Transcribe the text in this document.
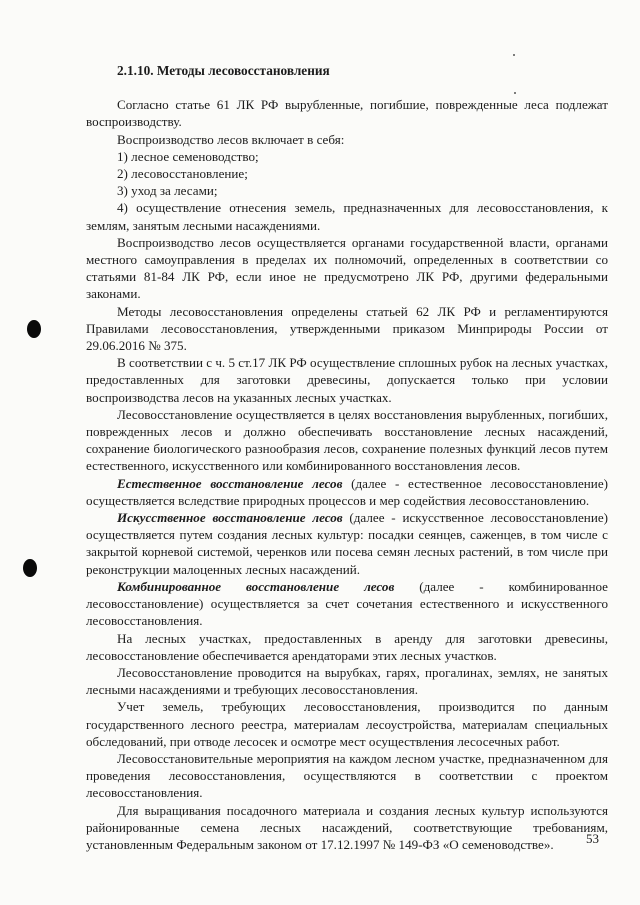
2.1.10. Методы лесовосстановления

Согласно статье 61 ЛК РФ вырубленные, погибшие, поврежденные леса подлежат воспроизводству.

Воспроизводство лесов включает в себя:

1) лесное семеноводство;

2) лесовосстановление;

3) уход за лесами;

4) осуществление отнесения земель, предназначенных для лесовосстановления, к землям, занятым лесными насаждениями.

Воспроизводство лесов осуществляется органами государственной власти, органами местного самоуправления в пределах их полномочий, определенных в соответствии со статьями 81-84 ЛК РФ, если иное не предусмотрено ЛК РФ, другими федеральными законами.

Методы лесовосстановления определены статьей 62 ЛК РФ и регламентируются Правилами лесовосстановления, утвержденными приказом Минприроды России от 29.06.2016 № 375.

В соответствии с ч. 5 ст.17 ЛК РФ осуществление сплошных рубок на лесных участках, предоставленных для заготовки древесины, допускается только при условии воспроизводства лесов на указанных лесных участках.

Лесовосстановление осуществляется в целях восстановления вырубленных, погибших, поврежденных лесов и должно обеспечивать восстановление лесных насаждений, сохранение биологического разнообразия лесов, сохранение полезных функций лесов путем естественного, искусственного или комбинированного восстановления лесов.

Естественное восстановление лесов (далее - естественное лесовосстановление) осуществляется вследствие природных процессов и мер содействия лесовосстановлению.

Искусственное восстановление лесов (далее - искусственное лесовосстановление) осуществляется путем создания лесных культур: посадки сеянцев, саженцев, в том числе с закрытой корневой системой, черенков или посева семян лесных растений, в том числе при реконструкции малоценных лесных насаждений.

Комбинированное восстановление лесов (далее - комбинированное лесовосстановление) осуществляется за счет сочетания естественного и искусственного лесовосстановления.

На лесных участках, предоставленных в аренду для заготовки древесины, лесовосстановление обеспечивается арендаторами этих лесных участков.

Лесовосстановление проводится на вырубках, гарях, прогалинах, землях, не занятых лесными насаждениями и требующих лесовосстановления.

Учет земель, требующих лесовосстановления, производится по данным государственного лесного реестра, материалам лесоустройства, материалам специальных обследований, при отводе лесосек и осмотре мест осуществления лесосечных работ.

Лесовосстановительные мероприятия на каждом лесном участке, предназначенном для проведения лесовосстановления, осуществляются в соответствии с проектом лесовосстановления.

Для выращивания посадочного материала и создания лесных культур используются районированные семена лесных насаждений, соответствующие требованиям, установленным Федеральным законом от 17.12.1997 № 149-ФЗ «О семеноводстве».	53
